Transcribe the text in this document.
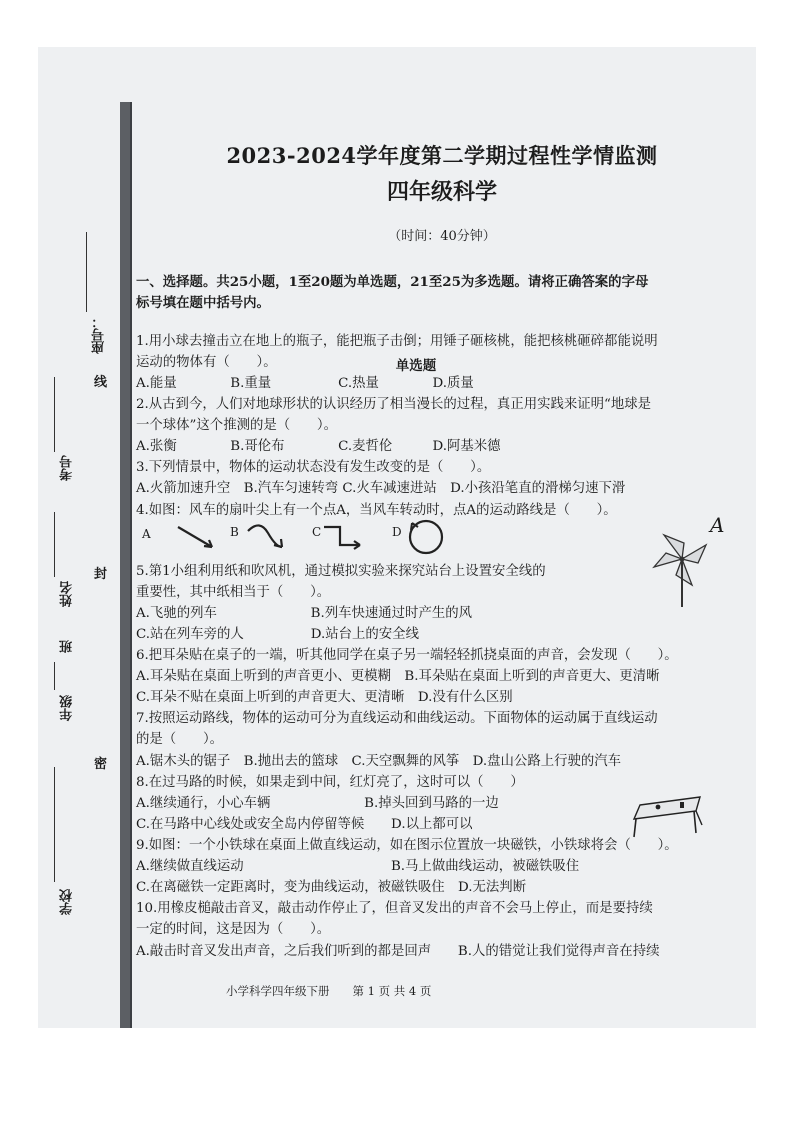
座号：
考号
姓名
班
年级
学校
线
封
密
2023-2024学年度第二学期过程性学情监测
四年级科学
（时间：40分钟）
一、选择题。共25小题，1至20题为单选题，21至25为多选题。请将正确答案的字母
标号填在题中括号内。
单选题
1.用小球去撞击立在地上的瓶子，能把瓶子击倒；用锤子砸核桃，能把核桃砸碎都能说明
运动的物体有（　　）。
A.能量　　　　B.重量　　　　　C.热量　　　　D.质量
2.从古到今，人们对地球形状的认识经历了相当漫长的过程，真正用实践来证明“地球是
一个球体”这个推测的是（　　）。
A.张衡　　　　B.哥伦布　　　　C.麦哲伦　　　D.阿基米德
3.下列情景中，物体的运动状态没有发生改变的是（　　）。
A.火箭加速升空　B.汽车匀速转弯 C.火车减速进站　D.小孩沿笔直的滑梯匀速下滑
4.如图：风车的扇叶尖上有一个点A，当风车转动时，点A的运动路线是（　　）。
A	B	C	D	A
5.第1小组利用纸和吹风机，通过模拟实验来探究站台上设置安全线的
重要性，其中纸相当于（　　）。
A.飞驰的列车　　　　　　　B.列车快速通过时产生的风
C.站在列车旁的人　　　　　D.站台上的安全线
6.把耳朵贴在桌子的一端，听其他同学在桌子另一端轻轻抓挠桌面的声音，会发现（　　）。
A.耳朵贴在桌面上听到的声音更小、更模糊　B.耳朵贴在桌面上听到的声音更大、更清晰
C.耳朵不贴在桌面上听到的声音更大、更清晰　D.没有什么区别
7.按照运动路线，物体的运动可分为直线运动和曲线运动。下面物体的运动属于直线运动
的是（　　）。
A.锯木头的锯子　B.抛出去的篮球　C.天空飘舞的风筝　D.盘山公路上行驶的汽车
8.在过马路的时候，如果走到中间，红灯亮了，这时可以（　　）
A.继续通行，小心车辆　　　　　　　B.掉头回到马路的一边
C.在马路中心线处或安全岛内停留等候　　D.以上都可以
9.如图：一个小铁球在桌面上做直线运动，如在图示位置放一块磁铁，小铁球将会（　　）。
A.继续做直线运动　　　　　　　　　　　B.马上做曲线运动，被磁铁吸住
C.在离磁铁一定距离时，变为曲线运动，被磁铁吸住　D.无法判断
10.用橡皮槌敲击音叉，敲击动作停止了，但音叉发出的声音不会马上停止，而是要持续
一定的时间，这是因为（　　）。
A.敲击时音叉发出声音，之后我们听到的都是回声　　B.人的错觉让我们觉得声音在持续
小学科学四年级下册　　第 1 页 共 4 页
